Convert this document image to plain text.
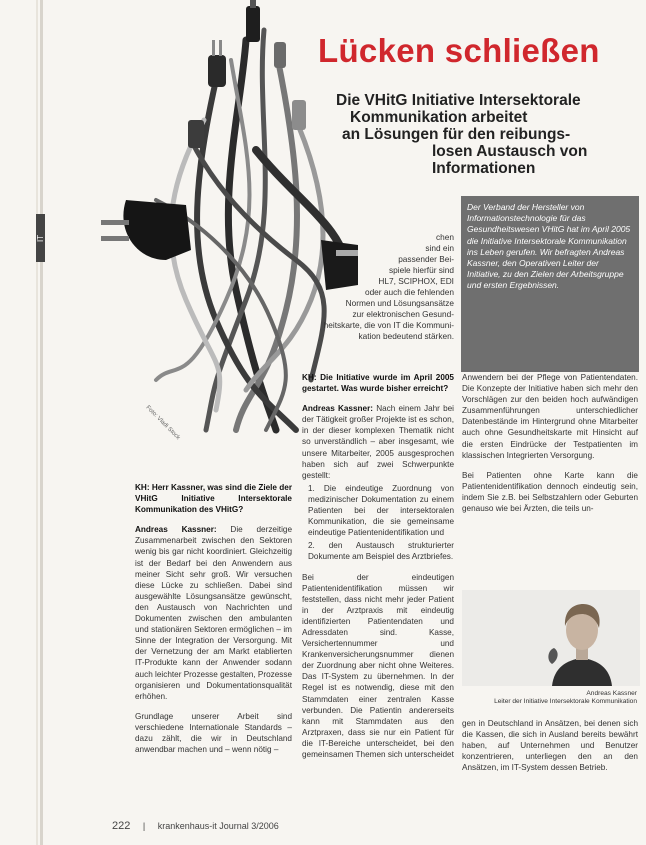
IT
Foto: Vladi Stock
Lücken schließen
Die VHitG Initiative Intersektorale
Kommunikation arbeitet
an Lösungen für den reibungs-
losen Austausch von
Informationen
Der Verband der Hersteller von Informationstechnologie für das Gesundheitswesen VHitG hat im April 2005 die Initiative Intersektorale Kommunikation ins Leben gerufen. Wir befragten Andreas Kassner, den Operativen Leiter der Initiative, zu den Zielen der Arbeitsgruppe und ersten Ergebnissen.

chen

sind ein

passender Bei-

spiele hierfür sind

HL7, SCIPHOX, EDI

oder auch die fehlenden

Normen und Lösungsansätze

zur elektronischen Gesund-

heitskarte, die von IT die Kommuni-

kation bedeutend stärken.

KH: Herr Kassner, was sind die Ziele der VHitG Initiative Intersektorale Kommunikation des VHitG?

Andreas Kassner: Die derzeitige Zusammenarbeit zwischen den Sektoren wenig bis gar nicht koordiniert. Gleichzeitig ist der Bedarf bei den Anwendern aus meiner Sicht sehr groß. Wir versuchen diese Lücke zu schließen. Dabei sind ausgewählte Lösungsansätze gewünscht, den Austausch von Nachrichten und Dokumenten zwischen den ambulanten und stationären Sektoren ermöglichen – im Sinne der Integration der Versorgung. Mit der Vernetzung der am Markt etablierten IT-Produkte kann der Anwender sodann auch leichter Prozesse gestalten, Prozesse organisieren und Dokumentationsqualität erhöhen.

Grundlage unserer Arbeit sind verschiedene Internationale Standards – dazu zählt, die wir in Deutschland anwendbar machen und – wenn nötig –

KH: Die Initiative wurde im April 2005 gestartet. Was wurde bisher erreicht?

Andreas Kassner: Nach einem Jahr bei der Tätigkeit großer Projekte ist es schon, in der dieser komplexen Thematik nicht so unverständlich – aber insgesamt, wie unsere Mitarbeiter, 2005 ausgesprochen haben sich auf zwei Schwerpunkte gestellt:

1. Die eindeutige Zuordnung von medizinischer Dokumentation zu einem Patienten bei der intersektoralen Kommunikation, die sie gemeinsame eindeutige Patientenidentifikation und

2. den Austausch strukturierter Dokumente am Beispiel des Arztbriefes.

Bei der eindeutigen Patientenidentifikation müssen wir feststellen, dass nicht mehr jeder Patient in der Arztpraxis mit eindeutig identifizierten Patientendaten und Adressdaten sind. Kasse, Versichertennummer und Krankenversicherungsnummer dienen der Zuordnung aber nicht ohne Weiteres. Das IT-System zu übernehmen. In der Regel ist es notwendig, diese mit den Stammdaten einer zentralen Kasse verbunden. Die Patientin andererseits kann mit Stammdaten aus den Arztpraxen, dass sie nur ein Patient für die IT-Bereiche unterscheidet, bei den gemeinsamen Themen sich unterscheidet

Anwendern bei der Pflege von Patientendaten. Die Konzepte der Initiative haben sich mehr den Vorschlägen zur den beiden hoch aufwändigen Zusammenführungen unterschiedlicher Datenbestände im Hintergrund ohne Mitarbeiter auch ohne Gesundheitskarte mit Hinsicht auf die ersten Eindrücke der Testpatienten im klassischen Integrierten Versorgung.

Bei Patienten ohne Karte kann die Patientenidentifikation dennoch eindeutig sein, indem Sie z.B. bei Selbstzahlern oder Geburten genauso wie bei Ärzten, die teils un-

Andreas Kassner
Leiter der Initiative Intersektorale Kommunikation

gen in Deutschland in Ansätzen, bei denen sich die Kassen, die sich in Ausland bereits bewährt haben, auf Unternehmen und Benutzer konzentrieren, unterliegen den an den Ansätzen, im IT-System dessen Betrieb.

222 | krankenhaus-it Journal 3/2006
